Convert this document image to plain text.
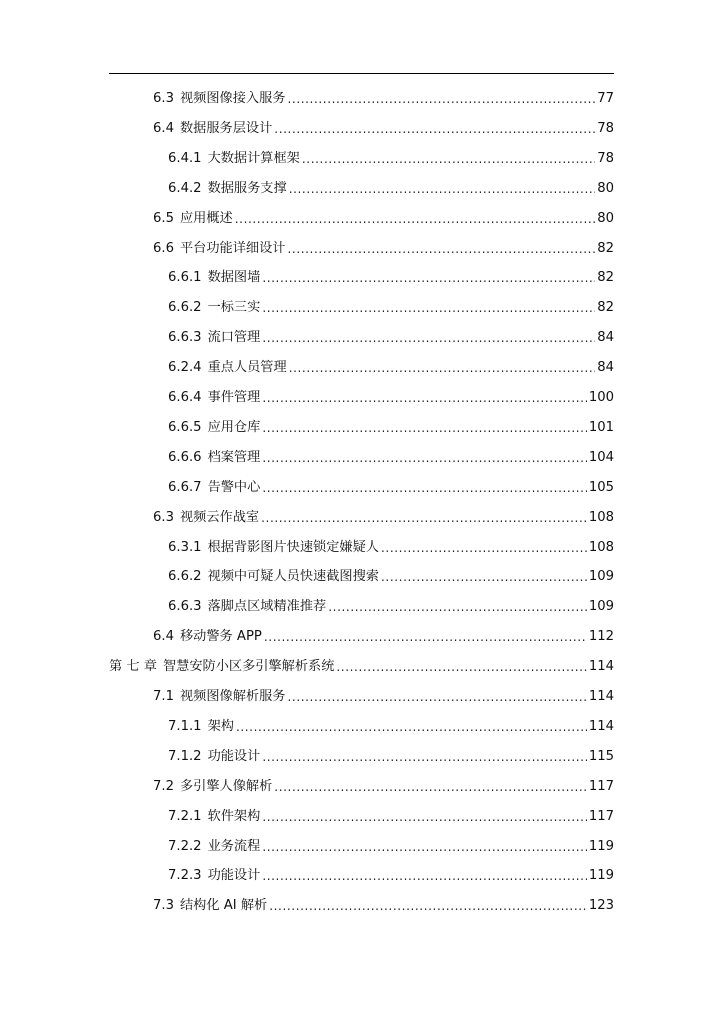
6.3 视频图像接入服务 .....	77
6.4 数据服务层设计 .....	78
6.4.1 大数据计算框架 .....	78
6.4.2 数据服务支撑 .....	80
6.5 应用概述 .....	80
6.6 平台功能详细设计 .....	82
6.6.1 数据图墙 .....	82
6.6.2 一标三实 .....	82
6.6.3 流口管理 .....	84
6.2.4 重点人员管理 .....	84
6.6.4 事件管理 .....	100
6.6.5 应用仓库 .....	101
6.6.6 档案管理 .....	104
6.6.7 告警中心 .....	105
6.3 视频云作战室 .....	108
6.3.1 根据背影图片快速锁定嫌疑人 .....	108
6.6.2 视频中可疑人员快速截图搜索 .....	109
6.6.3 落脚点区域精准推荐 .....	109
6.4 移动警务 APP .....	112
第 七 章 智慧安防小区多引擎解析系统 .....	114
7.1 视频图像解析服务 .....	114
7.1.1 架构 .....	114
7.1.2 功能设计 .....	115
7.2 多引擎人像解析 .....	117
7.2.1 软件架构 .....	117
7.2.2 业务流程 .....	119
7.2.3 功能设计 .....	119
7.3 结构化 AI 解析 .....	123
